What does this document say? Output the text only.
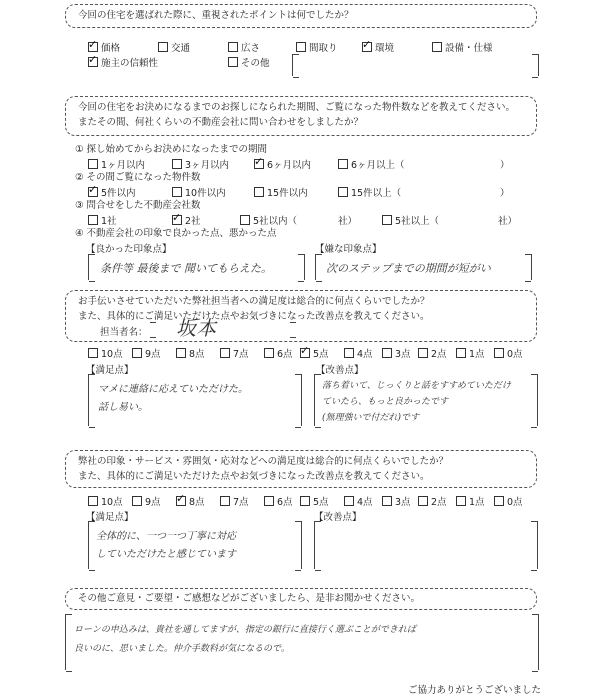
今回の住宅を選ばれた際に、重視されたポイントは何でしたか？
✓価格	交通	広さ	間取り ✓	環境	設備・仕様
✓施主の信頼性	その他
今回の住宅をお決めになるまでのお探しになられた期間、ご覧になった物件数などを教えてください。
またその間、何社くらいの不動産会社に問い合わせをしましたか？
① 探し始めてからお決めになったまでの期間
1ヶ月以内	3ヶ月以内 ✓	6ヶ月以内	6ヶ月以上（	）
② その間ご覧になった物件数
✓5件以内	10件以内	15件以内	15件以上（	）
③ 問合せをした不動産会社数
1社 ✓	2社	5社以内（	社）	5社以上（	社）
④ 不動産会社の印象で良かった点、悪かった点
【良かった印象点】	【嫌な印象点】
条件等 最後まで 聞いてもらえた。	次のステップまでの期間が短がい
お手伝いさせていただいた弊社担当者への満足度は総合的に何点くらいでしたか？
また、具体的にご満足いただけた点やお気づきになった改善点を教えてください。
担当者名： 坂本
10点	9点	8点	7点	6点 ✓	5点	4点	3点	2点	1点	0点
【満足点】	【改善点】
マメに連絡に応えていただけた。
話し易い。
落ち着いて、じっくりと話をすすめていただけ
ていたら、もっと良かったです
(無理強いで付だれ)です
弊社の印象・サービス・雰囲気・応対などへの満足度は総合的に何点くらいでしたか？
また、具体的にご満足いただけた点やお気づきになった改善点を教えてください。
10点	9点 ✓	8点	7点	6点	5点	4点	3点	2点	1点	0点
【満足点】	【改善点】
全体的に、一つ一つ丁寧に対応
していただけたと感じています
その他ご意見・ご要望・ご感想などがございましたら、是非お聞かせください。
ローンの申込みは、貴社を通してますが、指定の銀行に直接行く選ぶことができれば
良いのに、思いました。仲介手数料が気になるので。
ご協力ありがとうございました
